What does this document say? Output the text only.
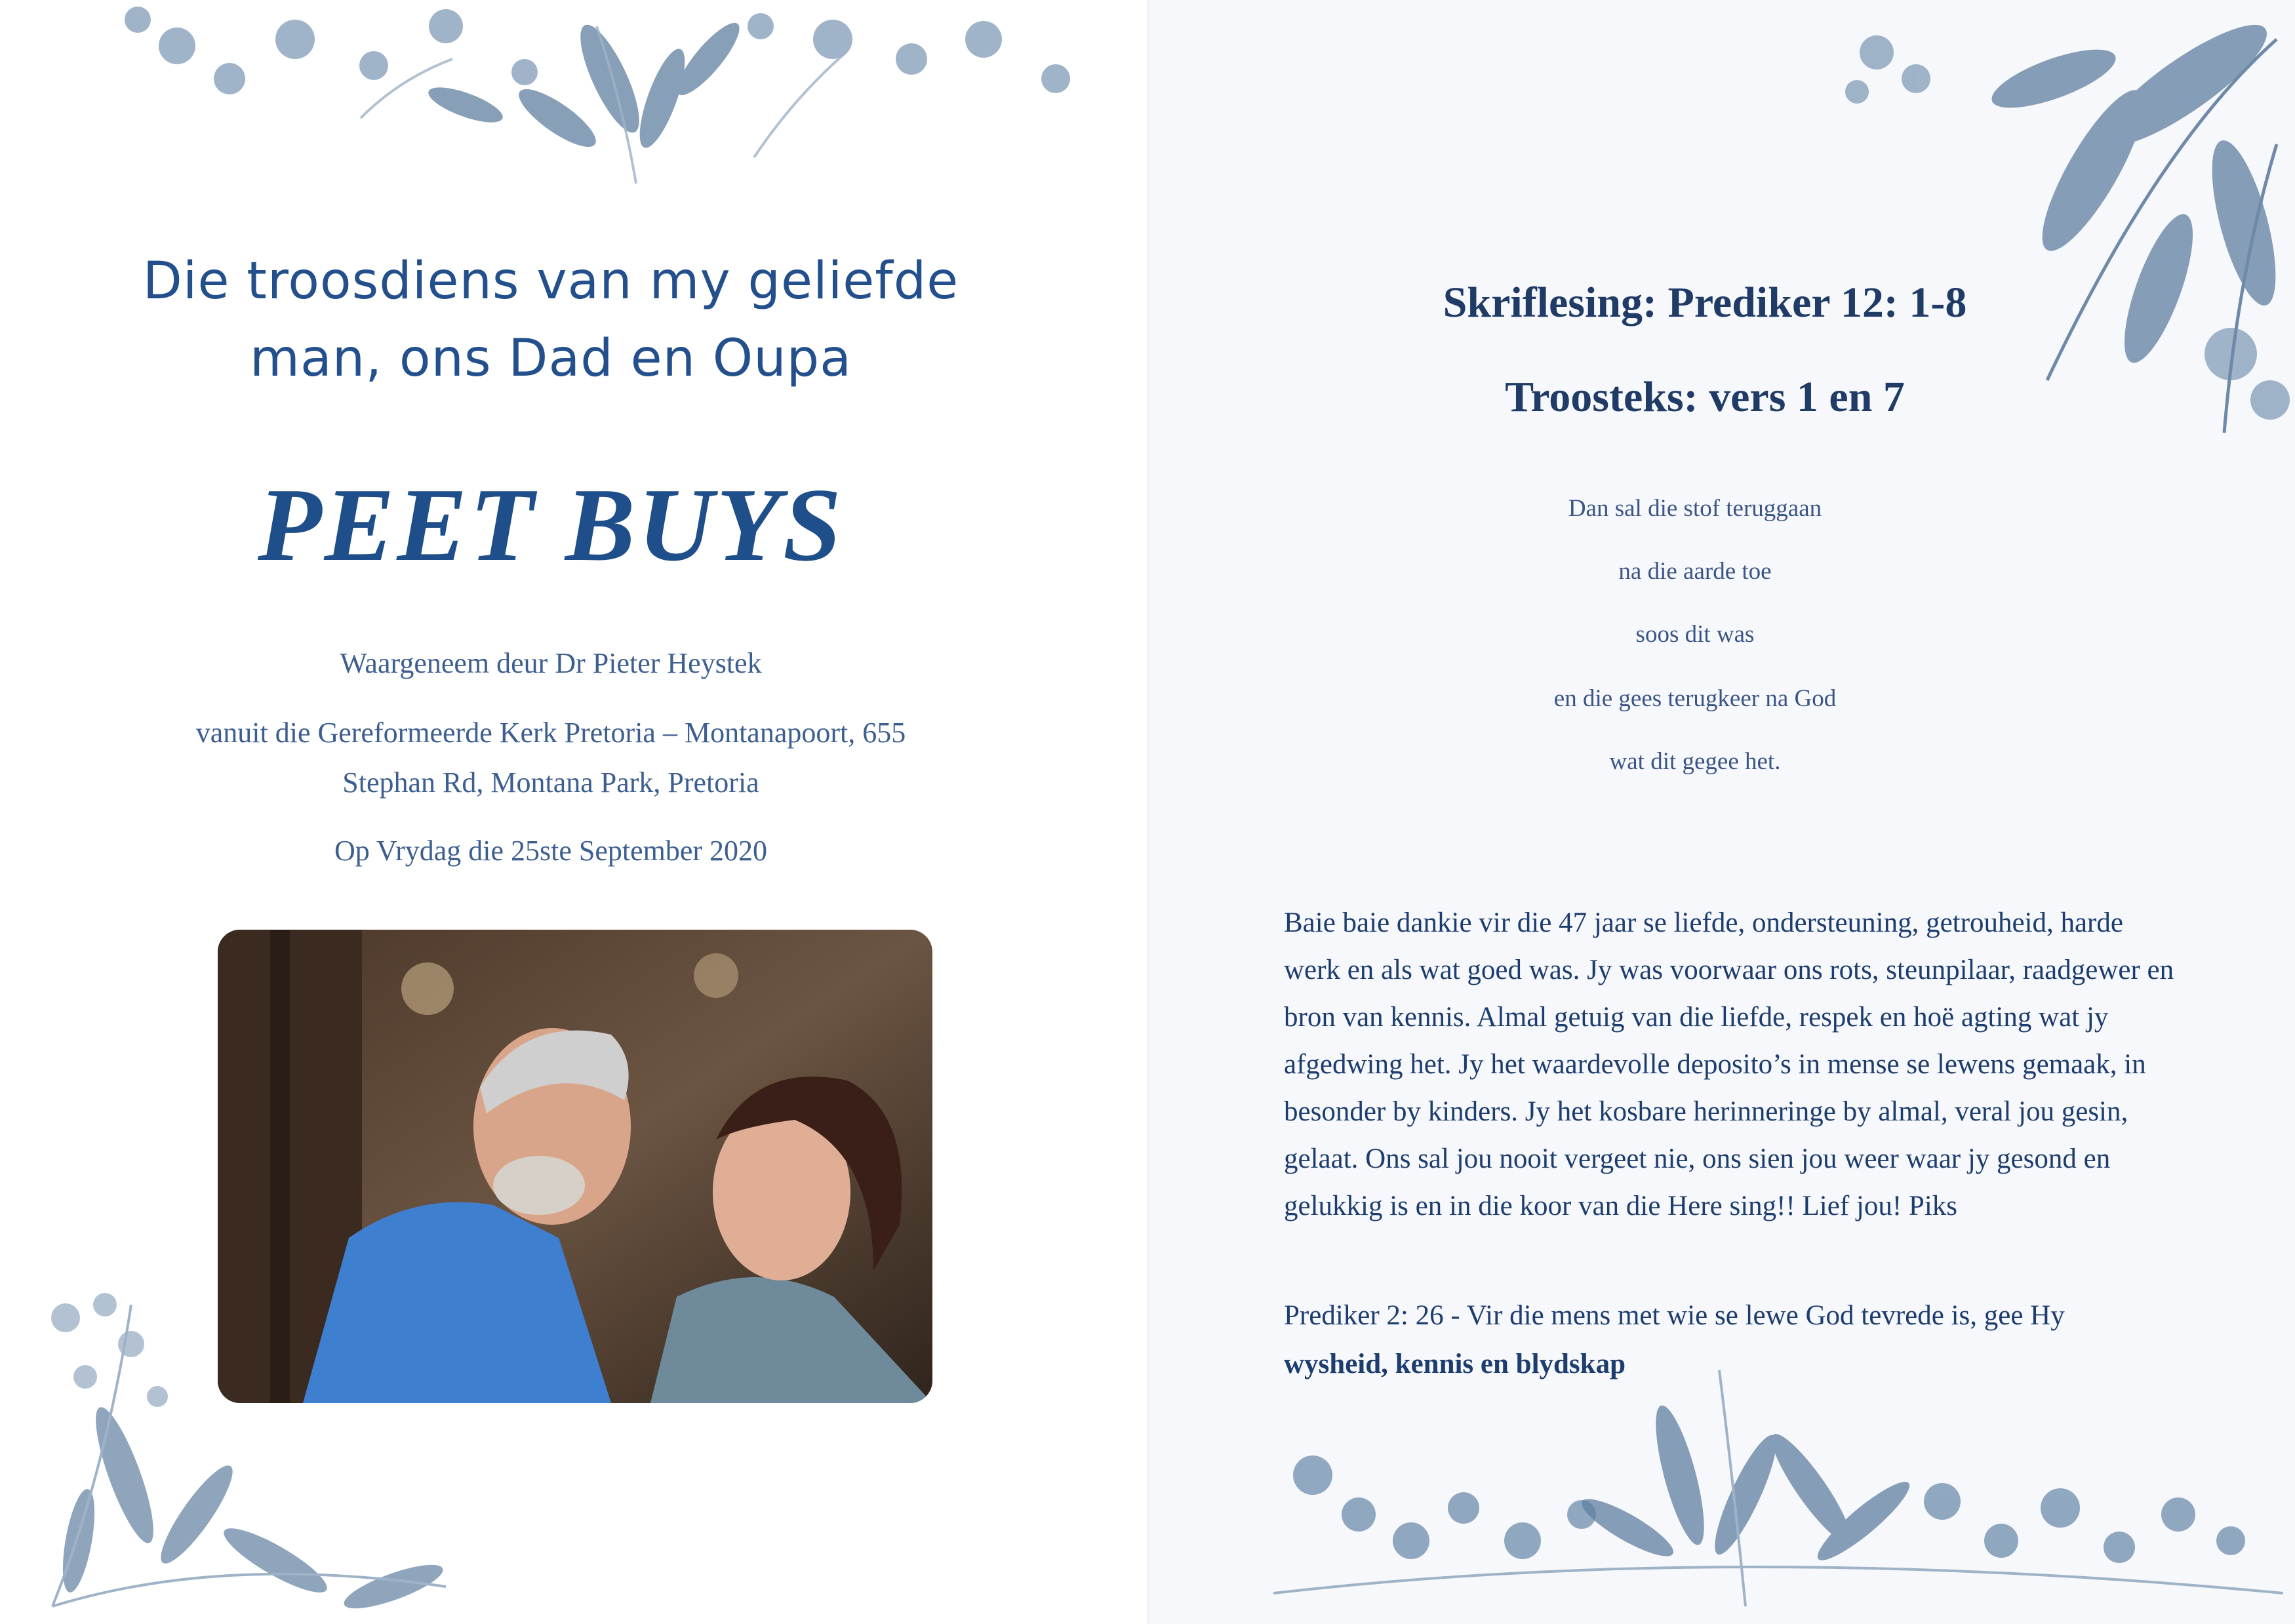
Die troosdiens van my geliefde
man, ons Dad en Oupa
PEET BUYS
Waargeneem deur Dr Pieter Heystek
vanuit die Gereformeerde Kerk Pretoria – Montanapoort, 655
Stephan Rd, Montana Park, Pretoria
Op Vrydag die 25ste September 2020
Skriflesing: Prediker 12: 1-8
Troosteks: vers 1 en 7
Dan sal die stof teruggaan
na die aarde toe
soos dit was
en die gees terugkeer na God
wat dit gegee het.
Baie baie dankie vir die 47 jaar se liefde, ondersteuning, getrouheid, harde werk en als wat goed was. Jy was voorwaar ons rots, steunpilaar, raadgewer en bron van kennis. Almal getuig van die liefde, respek en hoë agting wat jy afgedwing het. Jy het waardevolle deposito’s in mense se lewens gemaak, in besonder by kinders. Jy het kosbare herinneringe by almal, veral jou gesin, gelaat. Ons sal jou nooit vergeet nie, ons sien jou weer waar jy gesond en gelukkig is en in die koor van die Here sing!! Lief jou! Piks
Prediker 2: 26 - Vir die mens met wie se lewe God tevrede is, gee Hy
wysheid, kennis en blydskap
